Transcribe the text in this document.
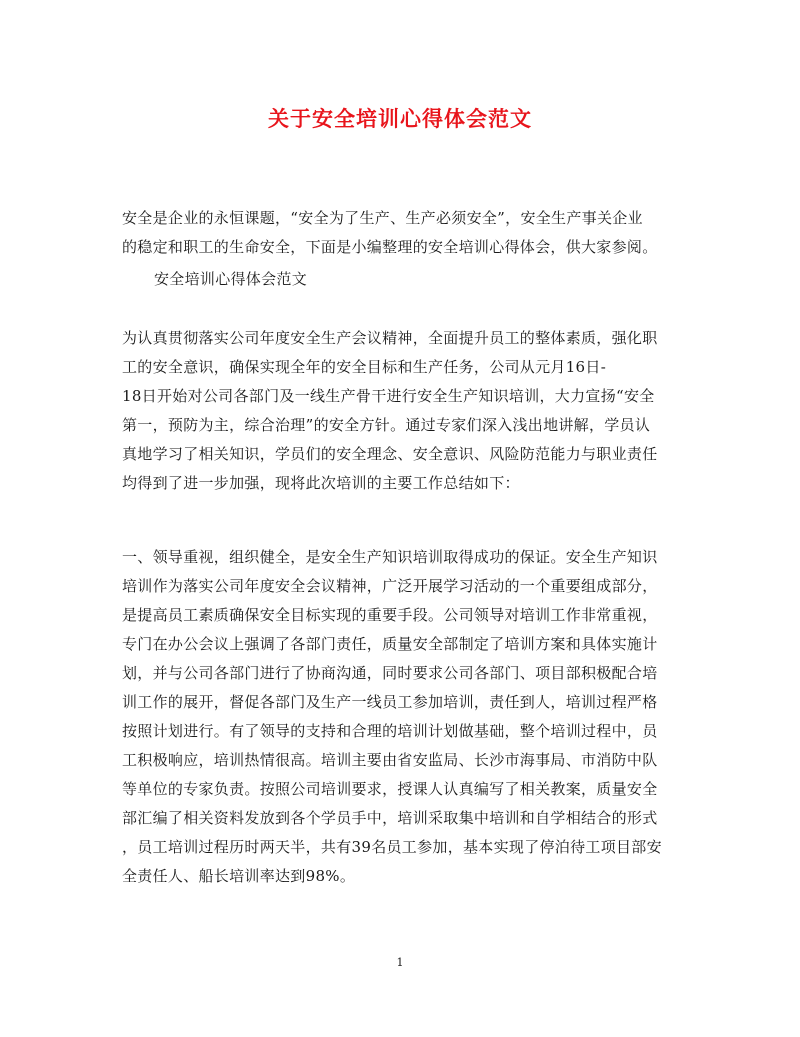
关于安全培训心得体会范文
安全是企业的永恒课题，“安全为了生产、生产必须安全”，安全生产事关企业
的稳定和职工的生命安全，下面是小编整理的安全培训心得体会，供大家参阅。
安全培训心得体会范文
为认真贯彻落实公司年度安全生产会议精神，全面提升员工的整体素质，强化职
工的安全意识，确保实现全年的安全目标和生产任务，公司从元月16日-
18日开始对公司各部门及一线生产骨干进行安全生产知识培训，大力宣扬“安全
第一，预防为主，综合治理”的安全方针。通过专家们深入浅出地讲解，学员认
真地学习了相关知识，学员们的安全理念、安全意识、风险防范能力与职业责任
均得到了进一步加强，现将此次培训的主要工作总结如下：
一、领导重视，组织健全，是安全生产知识培训取得成功的保证。安全生产知识
培训作为落实公司年度安全会议精神，广泛开展学习活动的一个重要组成部分，
是提高员工素质确保安全目标实现的重要手段。公司领导对培训工作非常重视，
专门在办公会议上强调了各部门责任，质量安全部制定了培训方案和具体实施计
划，并与公司各部门进行了协商沟通，同时要求公司各部门、项目部积极配合培
训工作的展开，督促各部门及生产一线员工参加培训，责任到人，培训过程严格
按照计划进行。有了领导的支持和合理的培训计划做基础，整个培训过程中，员
工积极响应，培训热情很高。培训主要由省安监局、长沙市海事局、市消防中队
等单位的专家负责。按照公司培训要求，授课人认真编写了相关教案，质量安全
部汇编了相关资料发放到各个学员手中，培训采取集中培训和自学相结合的形式
，员工培训过程历时两天半，共有39名员工参加，基本实现了停泊待工项目部安
全责任人、船长培训率达到98%。
1
